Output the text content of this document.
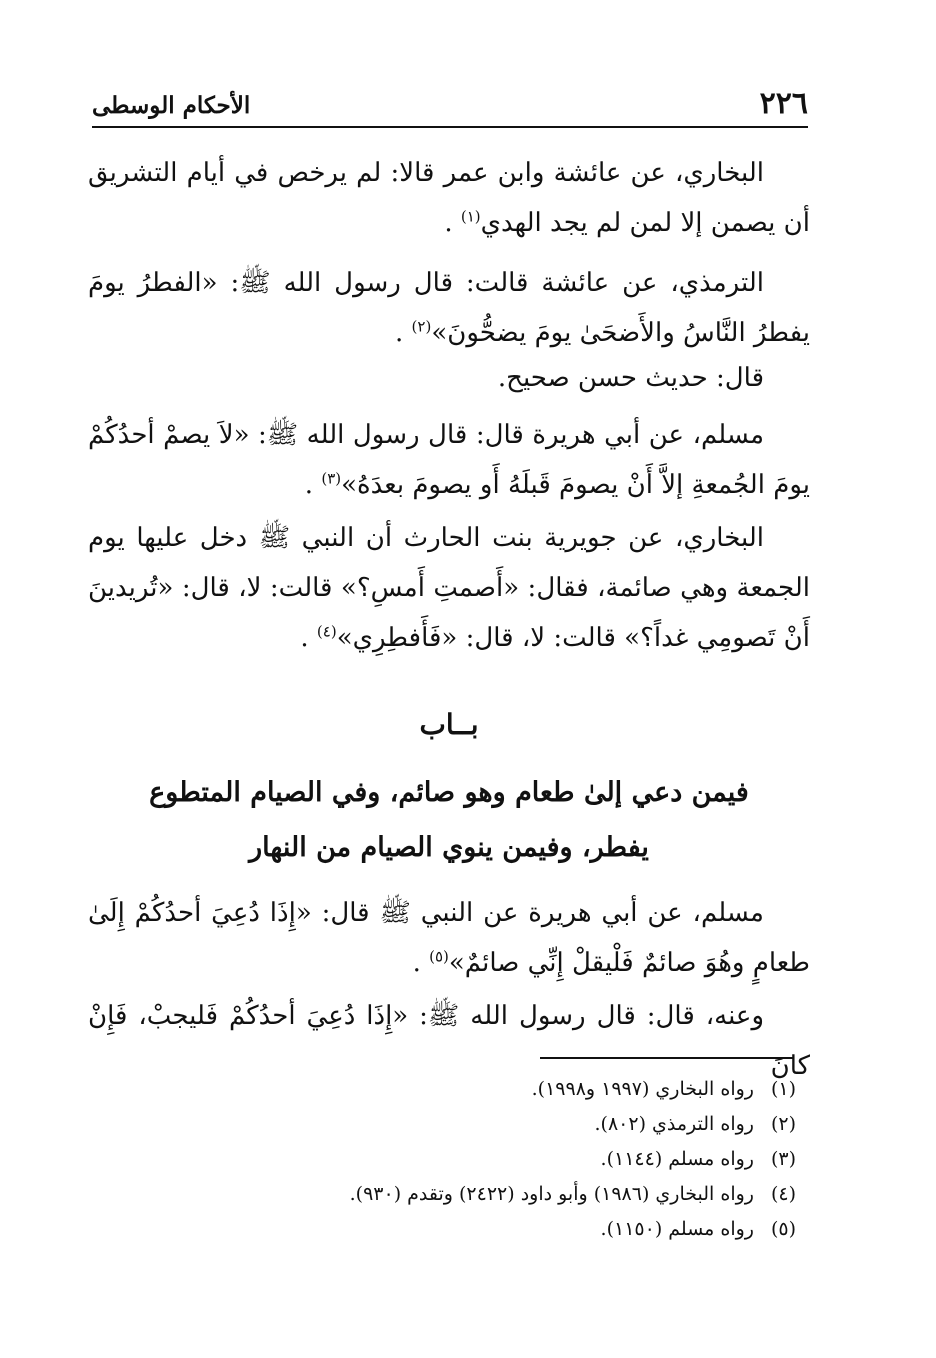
٢٢٦
الأحكام الوسطى

البخاري، عن عائشة وابن عمر قالا: لم يرخص في أيام التشريق أن يصمن إلا لمن لم يجد الهدي$^{(١)}$ .

الترمذي، عن عائشة قالت: قال رسول الله ﷺ: «الفطرُ يومَ يفطرُ النَّاسُ والأَضحَىٰ يومَ يضحُّونَ»$^{(٢)}$ .

قال: حديث حسن صحيح.

مسلم، عن أبي هريرة قال: قال رسول الله ﷺ: «لاَ يصمْ أحدُكُمْ يومَ الجُمعةِ إلاَّ أَنْ يصومَ قَبلَهُ أَو يصومَ بعدَهُ»$^{(٣)}$ .

البخاري، عن جويرية بنت الحارث أن النبي ﷺ دخل عليها يوم الجمعة وهي صائمة، فقال: «أَصمتِ أَمسِ؟» قالت: لا، قال: «تُريدينَ أَنْ تَصومِي غداً؟» قالت: لا، قال: «فَأَفطِرِي»$^{(٤)}$ .

بــاب
فيمن دعي إلىٰ طعام وهو صائم، وفي الصيام المتطوع
يفطر، وفيمن ينوي الصيام من النهار

مسلم، عن أبي هريرة عن النبي ﷺ قال: «إِذَا دُعِيَ أحدُكُمْ إِلَىٰ طعامٍ وهُوَ صائمٌ فَلْيقلْ إِنِّي صائمٌ»$^{(٥)}$ .

وعنه، قال: قال رسول الله ﷺ: «إِذَا دُعِيَ أحدُكُمْ فَليجبْ، فَإِنْ كانَ

(١) رواه البخاري (١٩٩٧ و١٩٩٨).
(٢) رواه الترمذي (٨٠٢).
(٣) رواه مسلم (١١٤٤).
(٤) رواه البخاري (١٩٨٦) وأبو داود (٢٤٢٢) وتقدم (٩٣٠).
(٥) رواه مسلم (١١٥٠).
